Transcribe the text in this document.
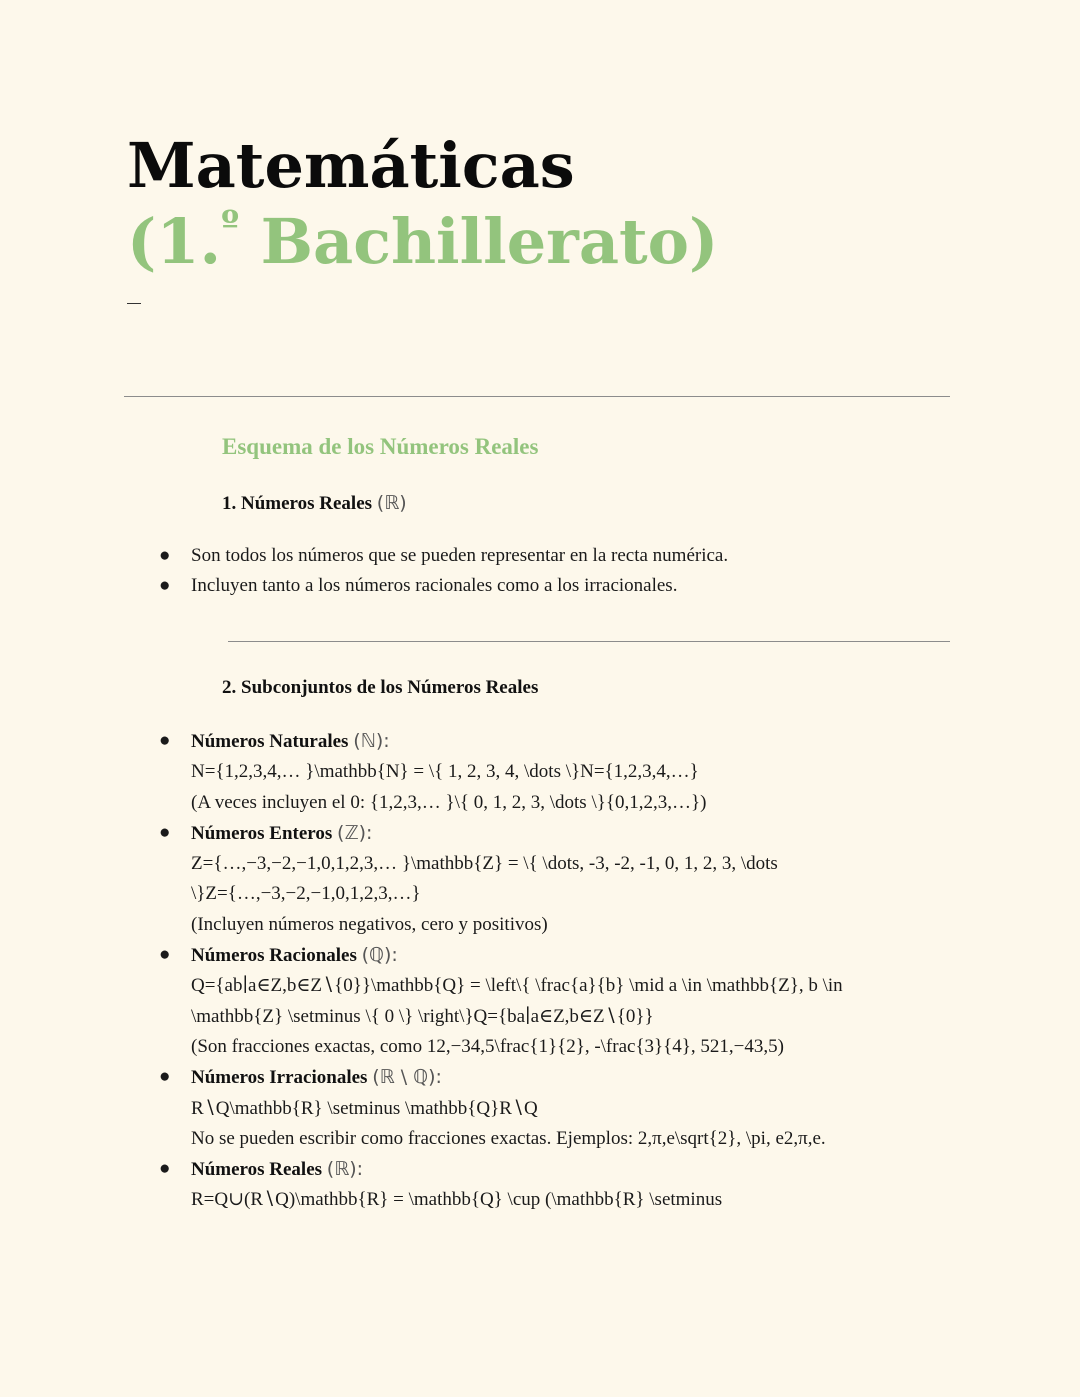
Matemáticas
(1.$^º$ Bachillerato)
Esquema de los Números Reales
1. Números Reales (ℝ)
● Son todos los números que se pueden representar en la recta numérica.
● Incluyen tanto a los números racionales como a los irracionales.
2. Subconjuntos de los Números Reales
● Números Naturales (ℕ):
N={1,2,3,4,… }\mathbb{N} = \{ 1, 2, 3, 4, \dots \}N={1,2,3,4,…}
(A veces incluyen el 0: {1,2,3,… }\{ 0, 1, 2, 3, \dots \}{0,1,2,3,…})
● Números Enteros (ℤ):
Z={…,−3,−2,−1,0,1,2,3,… }\mathbb{Z} = \{ \dots, -3, -2, -1, 0, 1, 2, 3, \dots
\}Z={…,−3,−2,−1,0,1,2,3,…}
(Incluyen números negativos, cero y positivos)
● Números Racionales (ℚ):
Q={ab∣a∈Z,b∈Z∖{0}}\mathbb{Q} = \left\{ \frac{a}{b} \mid a \in \mathbb{Z}, b \in
\mathbb{Z} \setminus \{ 0 \} \right\}Q={ba∣a∈Z,b∈Z∖{0}}
(Son fracciones exactas, como 12,−34,5\frac{1}{2}, -\frac{3}{4}, 521,−43,5)
● Números Irracionales (ℝ \ ℚ):
R∖Q\mathbb{R} \setminus \mathbb{Q}R∖Q
No se pueden escribir como fracciones exactas. Ejemplos: 2,π,e\sqrt{2}, \pi, e2,π,e.
● Números Reales (ℝ):
R=Q∪(R∖Q)\mathbb{R} = \mathbb{Q} \cup (\mathbb{R} \setminus
